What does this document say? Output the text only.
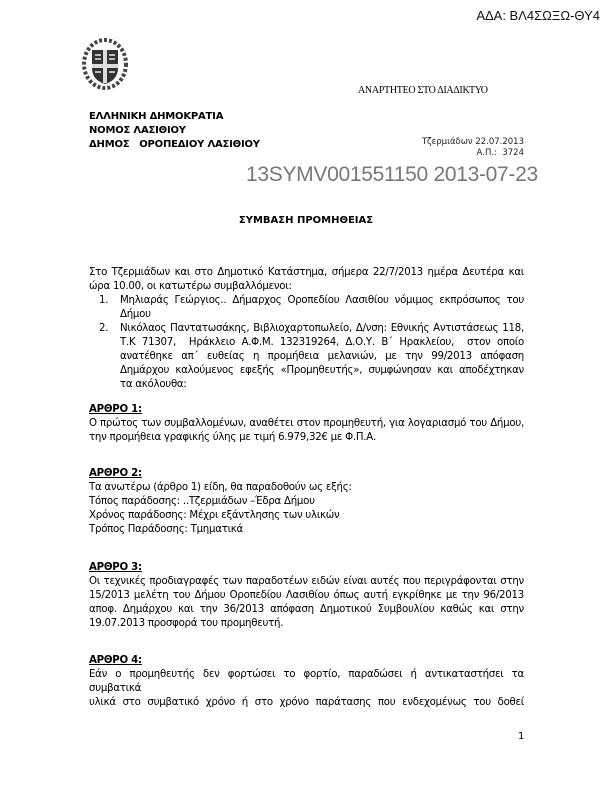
ΑΔΑ: ΒΛ4ΣΩΞΩ-ΘΥ4
ΑΝΑΡΤΗΤΕΟ ΣΤΟ ΔΙΑΔΙΚΤΥΟ
ΕΛΛΗΝΙΚΗ ΔΗΜΟΚΡΑΤΙΑ
ΝΟΜΟΣ ΛΑΣΙΘΙΟΥ
ΔΗΜΟΣ   ΟΡΟΠΕΔΙΟΥ ΛΑΣΙΘΙΟΥ	Τζερμιάδων 22.07.2013
Α.Π.:  3724
13SYMV001551150 2013-07-23
ΣΥΜΒΑΣΗ ΠΡΟΜΗΘΕΙΑΣ
Στο Τζερμιάδων και στο Δημοτικό Κατάστημα, σήμερα 22/7/2013 ημέρα Δευτέρα και
ώρα 10.00, οι κατωτέρω συμβαλλόμενοι:
1. Μηλιαράς Γεώργιος.. Δήμαρχος Οροπεδίου Λασιθίου νόμιμος εκπρόσωπος του
Δήμου
2. Νικόλαος Παντατωσάκης, Βιβλιοχαρτοπωλείο, Δ/νση: Εθνικής Αντιστάσεως 118,
Τ.Κ 71307,  Ηράκλειο Α.Φ.Μ. 132319264, Δ.Ο.Υ. Β΄ Ηρακλείου,  στον οποίο
ανατέθηκε απ΄ ευθείας η προμήθεια μελανιών, με την 99/2013 απόφαση
Δημάρχου καλούμενος εφεξής «Προμηθευτής», συμφώνησαν και αποδέχτηκαν
τα ακόλουθα:
ΑΡΘΡΟ 1:
Ο πρώτος των συμβαλλομένων, αναθέτει στον προμηθευτή, για λογαριασμό του Δήμου,
την προμήθεια γραφικής ύλης με τιμή 6.979,32€ με Φ.Π.Α.
ΑΡΘΡΟ 2:
Τα ανωτέρω (άρθρο 1) είδη, θα παραδοθούν ως εξής:
Τόπος παράδοσης: ..Τζερμιάδων –Έδρα Δήμου
Χρόνος παράδοσης: Μέχρι εξάντλησης των υλικών
Τρόπος Παράδοσης: Τμηματικά
ΑΡΘΡΟ 3:
Οι τεχνικές προδιαγραφές των παραδοτέων ειδών είναι αυτές που περιγράφονται στην
15/2013 μελέτη του Δήμου Οροπεδίου Λασιθίου όπως αυτή εγκρίθηκε με την 96/2013
αποφ. Δημάρχου και την 36/2013 απόφαση Δημοτικού Συμβουλίου καθώς και στην
19.07.2013 προσφορά του προμηθευτή.
ΑΡΘΡΟ 4:
Εάν ο προμηθευτής δεν φορτώσει το φορτίο, παραδώσει ή αντικαταστήσει τα συμβατικά
υλικά στο συμβατικό χρόνο ή στο χρόνο παράτασης που ενδεχομένως του δοθεί
1
